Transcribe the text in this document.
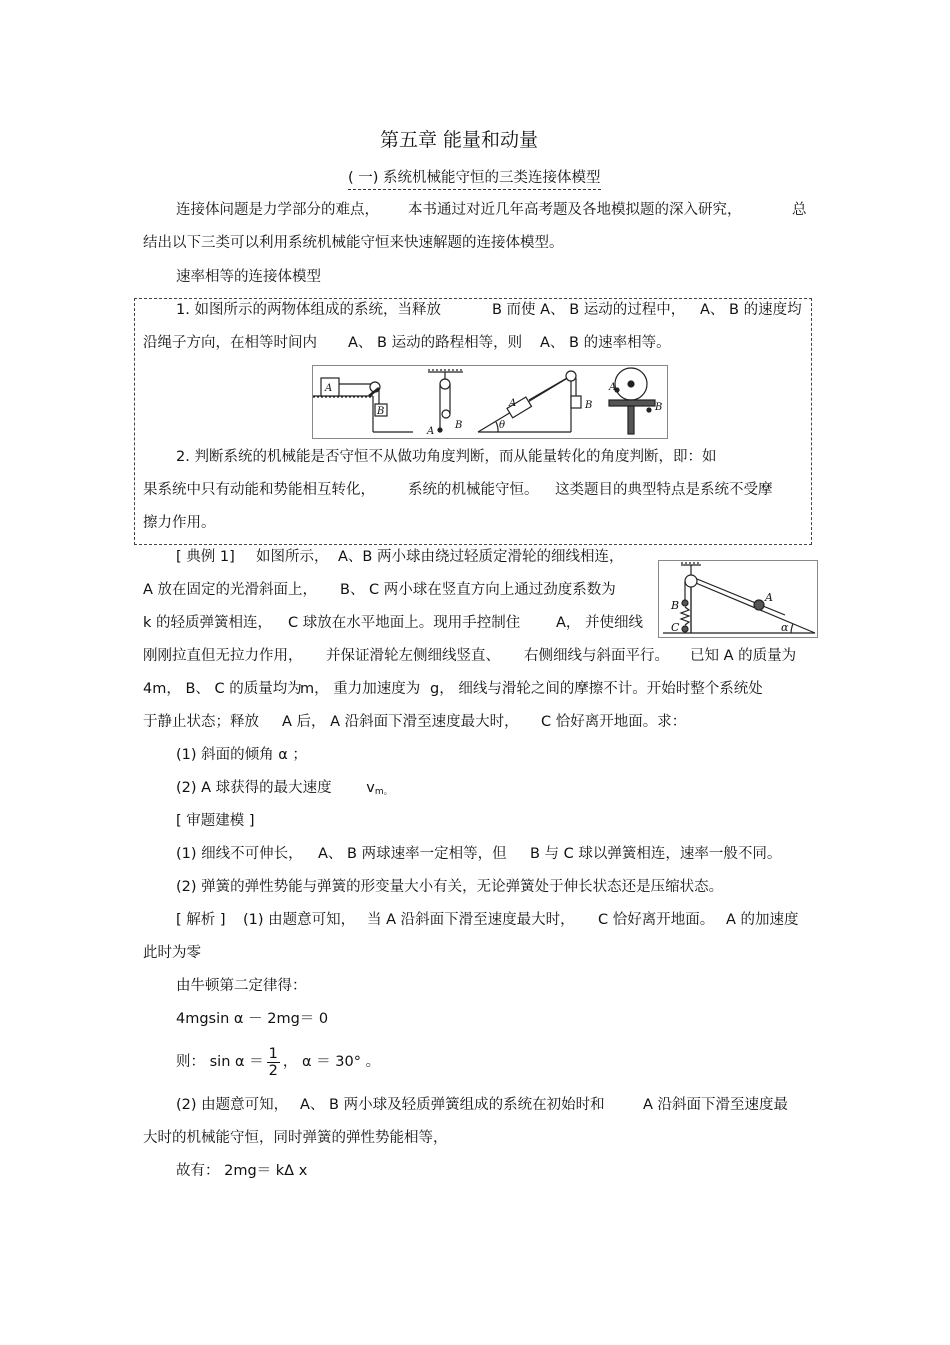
第五章 能量和动量
( 一) 系统机械能守恒的三类连接体模型
连接体问题是力学部分的难点， 本书通过对近几年高考题及各地模拟题的深入研究，	总
结出以下三类可以利用系统机械能守恒来快速解题的连接体模型。
速率相等的连接体模型
1. 如图所示的两物体组成的系统，当释放	B 而使 A、 B 运动的过程中， A、 B 的速度均
沿绳子方向，在相等时间内 A、 B 运动的路程相等，则 A、 B 的速率相等。
A
B
A
B
A
θ
B
A
B
2. 判断系统的机械能是否守恒不从做功角度判断，而从能量转化的角度判断，即：如
果系统中只有动能和势能相互转化， 系统的机械能守恒。 这类题目的典型特点是系统不受摩
擦力作用。
[ 典例 1] 如图所示， A、B 两小球由绕过轻质定滑轮的细线相连，
A 放在固定的光滑斜面上， B、 C 两小球在竖直方向上通过劲度系数为
k 的轻质弹簧相连， C 球放在水平地面上。现用手控制住 A， 并使细线
A
B
C	α
刚刚拉直但无拉力作用， 并保证滑轮左侧细线竖直、 右侧细线与斜面平行。 已知 A 的质量为
4m， B、 C 的质量均为
m， 重力加速度为 g， 细线与滑轮之间的摩擦不计。开始时整个系统处
于静止状态；释放 A 后， A 沿斜面下滑至速度最大时， C 恰好离开地面。求：
(1) 斜面的倾角 α ；
(2) A 球获得的最大速度 $v_{m。}$
[ 审题建模 ]
(1) 细线不可伸长， A、 B 两球速率一定相等，但 B 与 C 球以弹簧相连，速率一般不同。
(2) 弹簧的弹性势能与弹簧的形变量大小有关，无论弹簧处于伸长状态还是压缩状态。
[ 解析 ] (1) 由题意可知， 当 A 沿斜面下滑至速度最大时， C 恰好离开地面。 A 的加速度
此时为零
由牛顿第二定律得：
4mgsin α － 2mg＝ 0
则： $\sin \alpha = \frac{1}{2}$ ， α ＝ 30° 。
(2) 由题意可知， A、 B 两小球及轻质弹簧组成的系统在初始时和	A 沿斜面下滑至速度最
大时的机械能守恒，同时弹簧的弹性势能相等，
故有： 2mg＝ kΔ x
